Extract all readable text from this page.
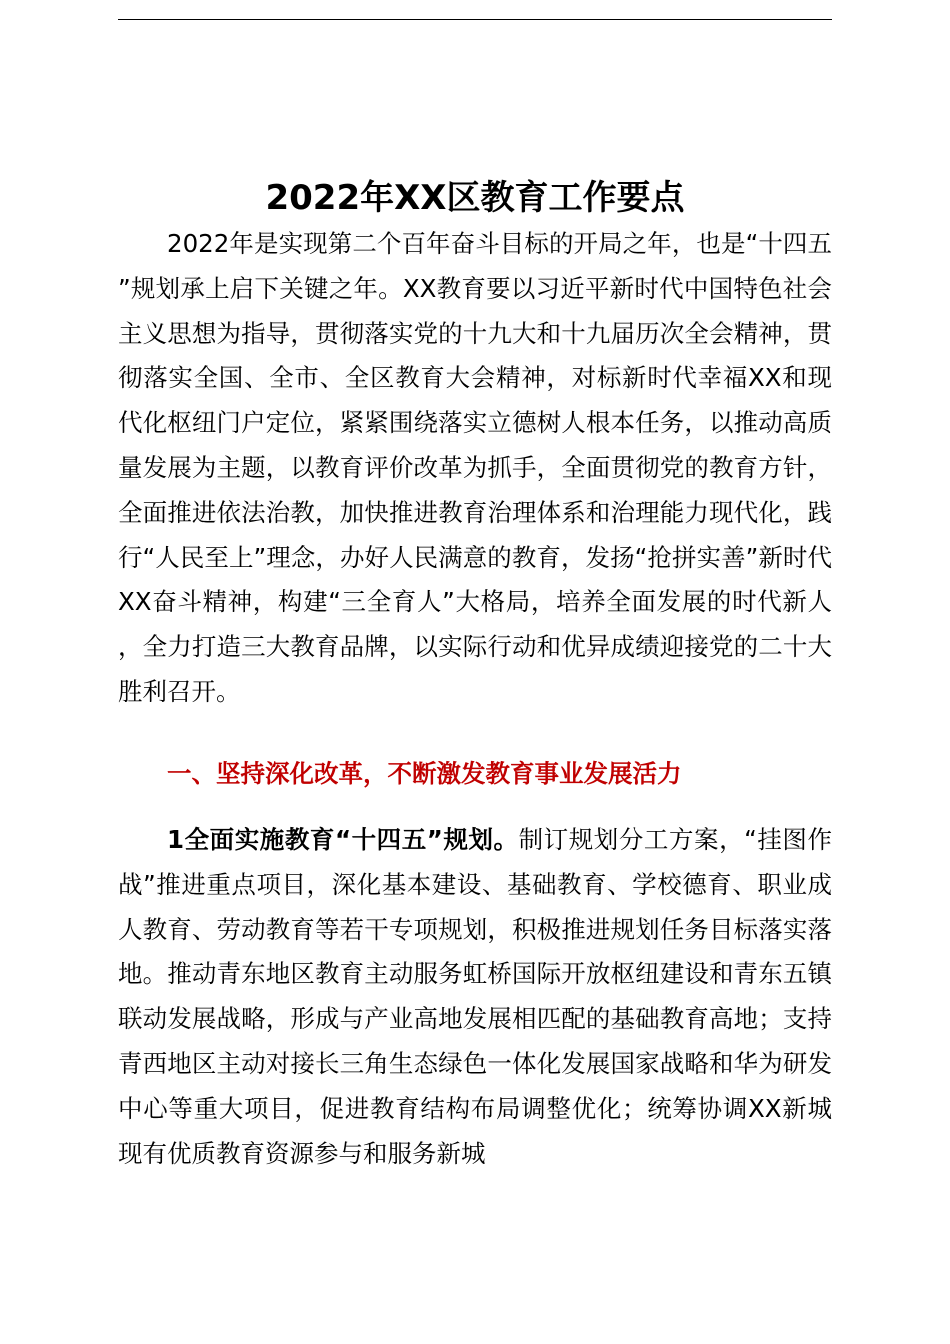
2022年XX区教育工作要点

2022年是实现第二个百年奋斗目标的开局之年，也是“十四五”规划承上启下关键之年。XX教育要以习近平新时代中国特色社会主义思想为指导，贯彻落实党的十九大和十九届历次全会精神，贯彻落实全国、全市、全区教育大会精神，对标新时代幸福XX和现代化枢纽门户定位，紧紧围绕落实立德树人根本任务，以推动高质量发展为主题，以教育评价改革为抓手，全面贯彻党的教育方针，全面推进依法治教，加快推进教育治理体系和治理能力现代化，践行“人民至上”理念，办好人民满意的教育，发扬“抢拼实善”新时代XX奋斗精神，构建“三全育人”大格局，培养全面发展的时代新人，全力打造三大教育品牌，以实际行动和优异成绩迎接党的二十大胜利召开。

一、坚持深化改革，不断激发教育事业发展活力

1全面实施教育“十四五”规划。制订规划分工方案，“挂图作战”推进重点项目，深化基本建设、基础教育、学校德育、职业成人教育、劳动教育等若干专项规划，积极推进规划任务目标落实落地。推动青东地区教育主动服务虹桥国际开放枢纽建设和青东五镇联动发展战略，形成与产业高地发展相匹配的基础教育高地；支持青西地区主动对接长三角生态绿色一体化发展国家战略和华为研发中心等重大项目，促进教育结构布局调整优化；统筹协调XX新城现有优质教育资源参与和服务新城
